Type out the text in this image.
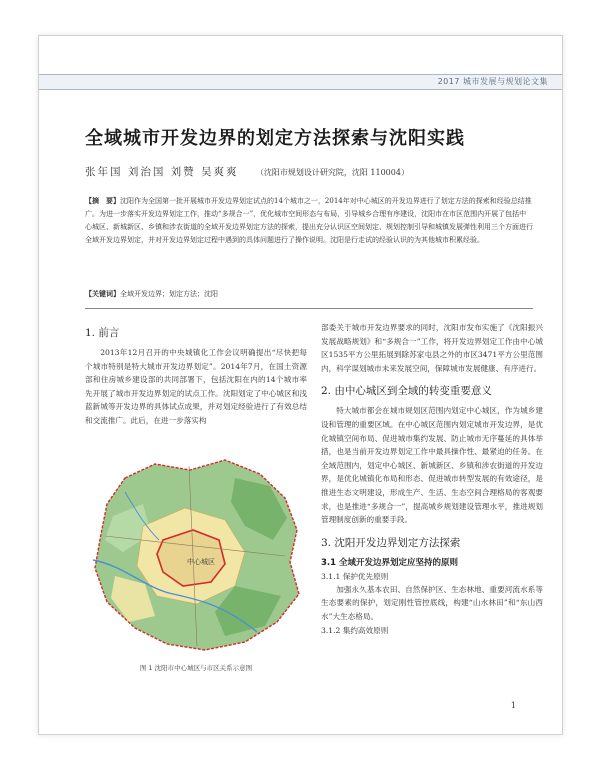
2017 城市发展与规划论文集
全域城市开发边界的划定方法探索与沈阳实践
张年国 刘治国 刘赞 吴爽爽 （沈阳市规划设计研究院，沈阳 110004）
【摘　要】沈阳作为全国第一批开展城市开发边界划定试点的14个城市之一，2014年对中心城区的开发边界进行了划定方法的探索和经验总结推广。为进一步落实开发边界划定工作，推动“多规合一”，优化城市空间形态与布局，引导城乡合理有序建设，沈阳市在市区范围内开展了包括中心城区、新城新区、乡镇和涉农街道的全域开发边界划定方法的探索，提出充分认识区空间划定、规划控制引导和城镇发展弹性利用三个方面进行全域开发边界划定，并对开发边界划定过程中遇到的具体问题进行了操作说明。沈阳是行走试的经验认识的为其他城市积累经验。
【关键词】全域开发边界；划定方法；沈阳
1. 前言

2013年12月召开的中央城镇化工作会议明确提出“尽快把每个城市特别是特大城市开发边界划定”。2014年7月，在国土资源部和住房城乡建设部的共同部署下，包括沈阳在内的14个城市率先开展了城市开发边界划定的试点工作。沈阳划定了中心城区和浅蓝新城等开发边界的具体试点成果，并对划定经验进行了有效总结和交流推广。此后，在进一步落实构

中心城区
图 1 沈阳市中心城区与市区关系示意图

部委关于城市开发边界要求的同时，沈阳市发布实施了《沈阳振兴发展战略规划》和“多规合一”工作，将开发边界划定工作由中心城区1535平方公里拓展到除苏家屯县之外的市区3471平方公里范围内，科学谋划城市未来发展空间，保障城市发展健康、有序进行。

2. 由中心城区到全域的转变重要意义

特大城市都会在城市规划区范围内划定中心城区，作为城乡建设和管理的重要区域。在中心城区范围内划定城市开发边界，是优化城镇空间布局、促进城市集约发展、防止城市无序蔓延的具体举措，也是当前开发边界划定工作中最具操作性、最紧迫的任务。在全域范围内，划定中心城区、新城新区、乡镇和涉农街道的开发边界，是优化城镇化布局和形态、促进城市转型发展的有效途径，是推进生态文明建设，形成生产、生活、生态空间合理格局的客观要求，也是推进“多规合一”，提高城乡规划建设管理水平，推进规划管理制度创新的重要手段。

3. 沈阳开发边界划定方法探索
3.1 全域开发边界划定应坚持的原则
3.1.1 保护优先原则

加强永久基本农田、自然保护区、生态林地、重要河流水系等生态要素的保护，划定刚性管控底线，构建“山水林田”和“东山西水”大生态格局。

3.1.2 集约高效原则
1
